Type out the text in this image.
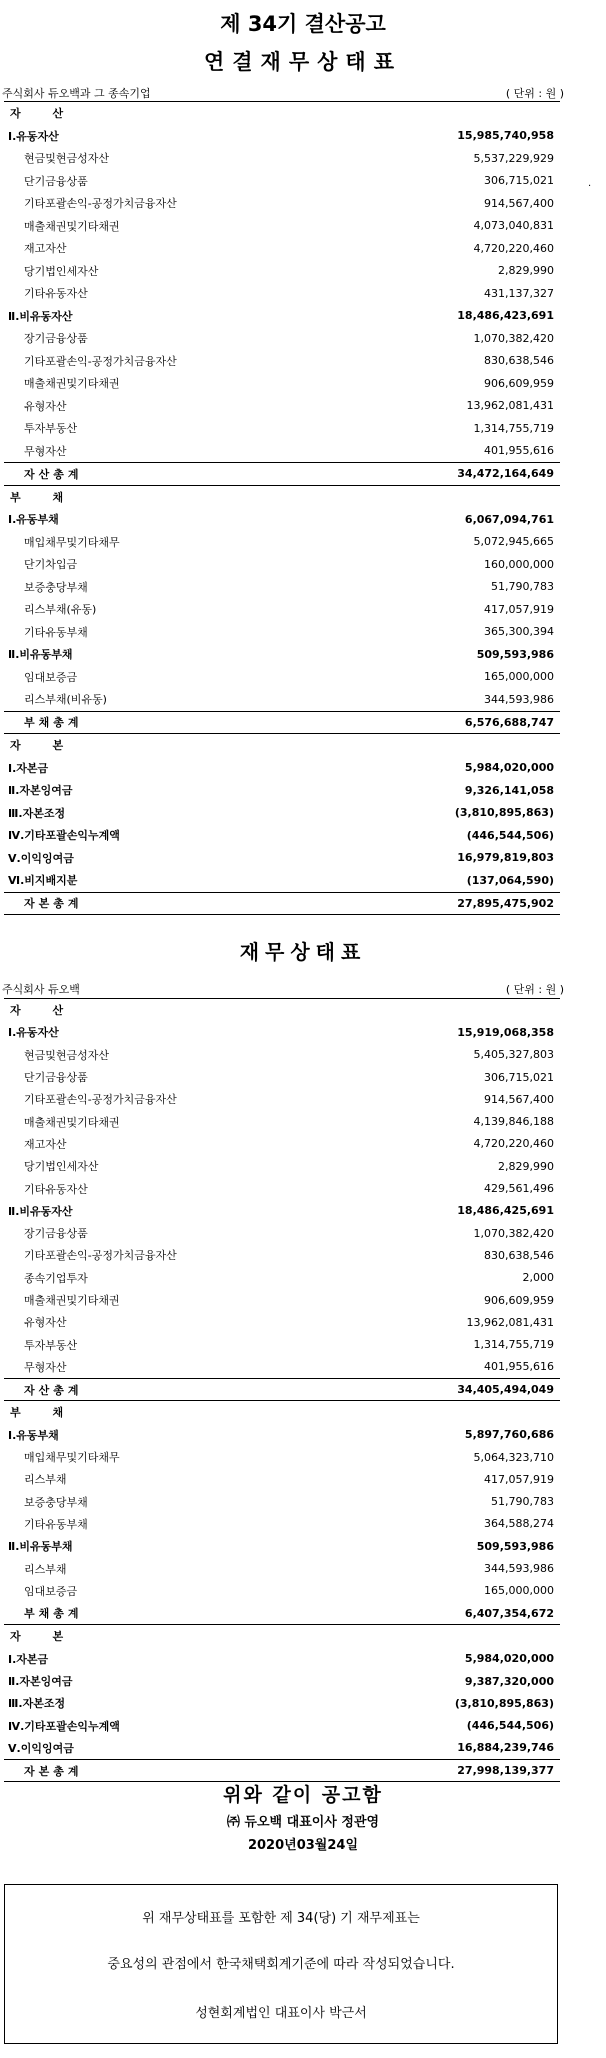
제 34기 결산공고
연결재무상태표
주식회사 듀오백과 그 종속기업	( 단위 : 원 )
.
자 산
Ⅰ.유동자산	15,985,740,958
현금및현금성자산	5,537,229,929
단기금융상품	306,715,021
기타포괄손익-공정가치금융자산	914,567,400
매출채권및기타채권	4,073,040,831
재고자산	4,720,220,460
당기법인세자산	2,829,990
기타유동자산	431,137,327
Ⅱ.비유동자산	18,486,423,691
장기금융상품	1,070,382,420
기타포괄손익-공정가치금융자산	830,638,546
매출채권및기타채권	906,609,959
유형자산	13,962,081,431
투자부동산	1,314,755,719
무형자산	401,955,616
자산총계	34,472,164,649
부 채
Ⅰ.유동부채	6,067,094,761
매입채무및기타채무	5,072,945,665
단기차입금	160,000,000
보증충당부채	51,790,783
리스부채(유동)	417,057,919
기타유동부채	365,300,394
Ⅱ.비유동부채	509,593,986
임대보증금	165,000,000
리스부채(비유동)	344,593,986
부채총계	6,576,688,747
자 본
Ⅰ.자본금	5,984,020,000
Ⅱ.자본잉여금	9,326,141,058
Ⅲ.자본조정	(3,810,895,863)
Ⅳ.기타포괄손익누계액	(446,544,506)
Ⅴ.이익잉여금	16,979,819,803
Ⅵ.비지배지분	(137,064,590)
자본총계	27,895,475,902
재무상태표
주식회사 듀오백	( 단위 : 원 )
자 산
Ⅰ.유동자산	15,919,068,358
현금및현금성자산	5,405,327,803
단기금융상품	306,715,021
기타포괄손익-공정가치금융자산	914,567,400
매출채권및기타채권	4,139,846,188
재고자산	4,720,220,460
당기법인세자산	2,829,990
기타유동자산	429,561,496
Ⅱ.비유동자산	18,486,425,691
장기금융상품	1,070,382,420
기타포괄손익-공정가치금융자산	830,638,546
종속기업투자	2,000
매출채권및기타채권	906,609,959
유형자산	13,962,081,431
투자부동산	1,314,755,719
무형자산	401,955,616
자산총계	34,405,494,049
부 채
Ⅰ.유동부채	5,897,760,686
매입채무및기타채무	5,064,323,710
리스부채	417,057,919
보증충당부채	51,790,783
기타유동부채	364,588,274
Ⅱ.비유동부채	509,593,986
리스부채	344,593,986
임대보증금	165,000,000
부채총계	6,407,354,672
자 본
Ⅰ.자본금	5,984,020,000
Ⅱ.자본잉여금	9,387,320,000
Ⅲ.자본조정	(3,810,895,863)
Ⅳ.기타포괄손익누계액	(446,544,506)
Ⅴ.이익잉여금	16,884,239,746
자본총계	27,998,139,377
위와 같이 공고함
㈜ 듀오백 대표이사 정관영
2020년03월24일

위 재무상태표를 포함한 제 34(당) 기 재무제표는

중요성의 관점에서 한국채택회계기준에 따라 작성되었습니다.

성현회계법인 대표이사 박근서
